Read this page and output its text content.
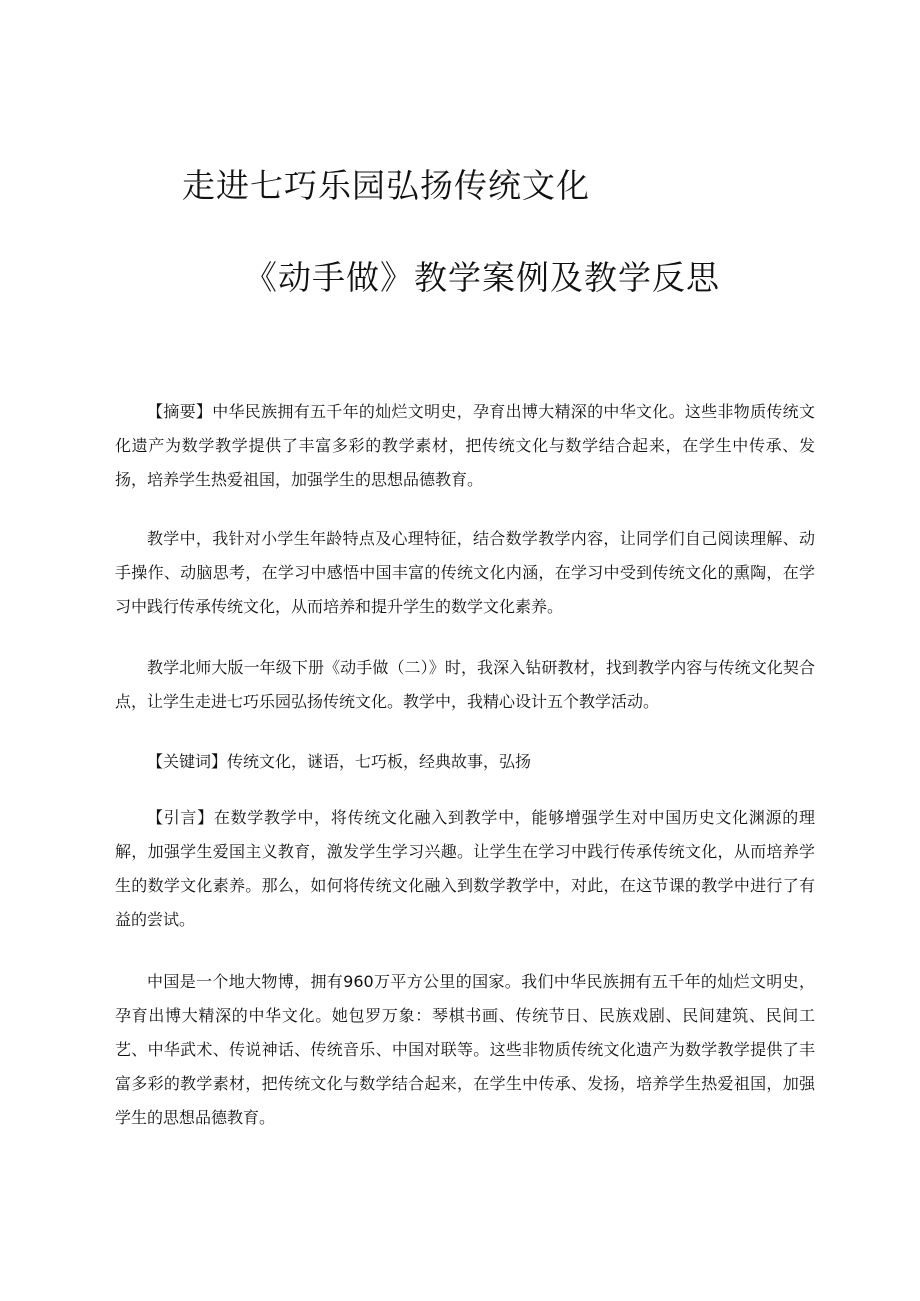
走进七巧乐园弘扬传统文化
《动手做》教学案例及教学反思

【摘要】中华民族拥有五千年的灿烂文明史，孕育出博大精深的中华文化。这些非物质传统文化遗产为数学教学提供了丰富多彩的教学素材，把传统文化与数学结合起来，在学生中传承、发扬，培养学生热爱祖国，加强学生的思想品德教育。

教学中，我针对小学生年龄特点及心理特征，结合数学教学内容，让同学们自己阅读理解、动手操作、动脑思考，在学习中感悟中国丰富的传统文化内涵，在学习中受到传统文化的熏陶，在学习中践行传承传统文化，从而培养和提升学生的数学文化素养。

教学北师大版一年级下册《动手做（二）》时，我深入钻研教材，找到教学内容与传统文化契合点，让学生走进七巧乐园弘扬传统文化。教学中，我精心设计五个教学活动。

【关键词】传统文化，谜语，七巧板，经典故事，弘扬

【引言】在数学教学中，将传统文化融入到教学中，能够增强学生对中国历史文化渊源的理解，加强学生爱国主义教育，激发学生学习兴趣。让学生在学习中践行传承传统文化，从而培养学生的数学文化素养。那么，如何将传统文化融入到数学教学中，对此，在这节课的教学中进行了有益的尝试。

中国是一个地大物博，拥有960万平方公里的国家。我们中华民族拥有五千年的灿烂文明史，孕育出博大精深的中华文化。她包罗万象：琴棋书画、传统节日、民族戏剧、民间建筑、民间工艺、中华武术、传说神话、传统音乐、中国对联等。这些非物质传统文化遗产为数学教学提供了丰富多彩的教学素材，把传统文化与数学结合起来，在学生中传承、发扬，培养学生热爱祖国，加强学生的思想品德教育。
